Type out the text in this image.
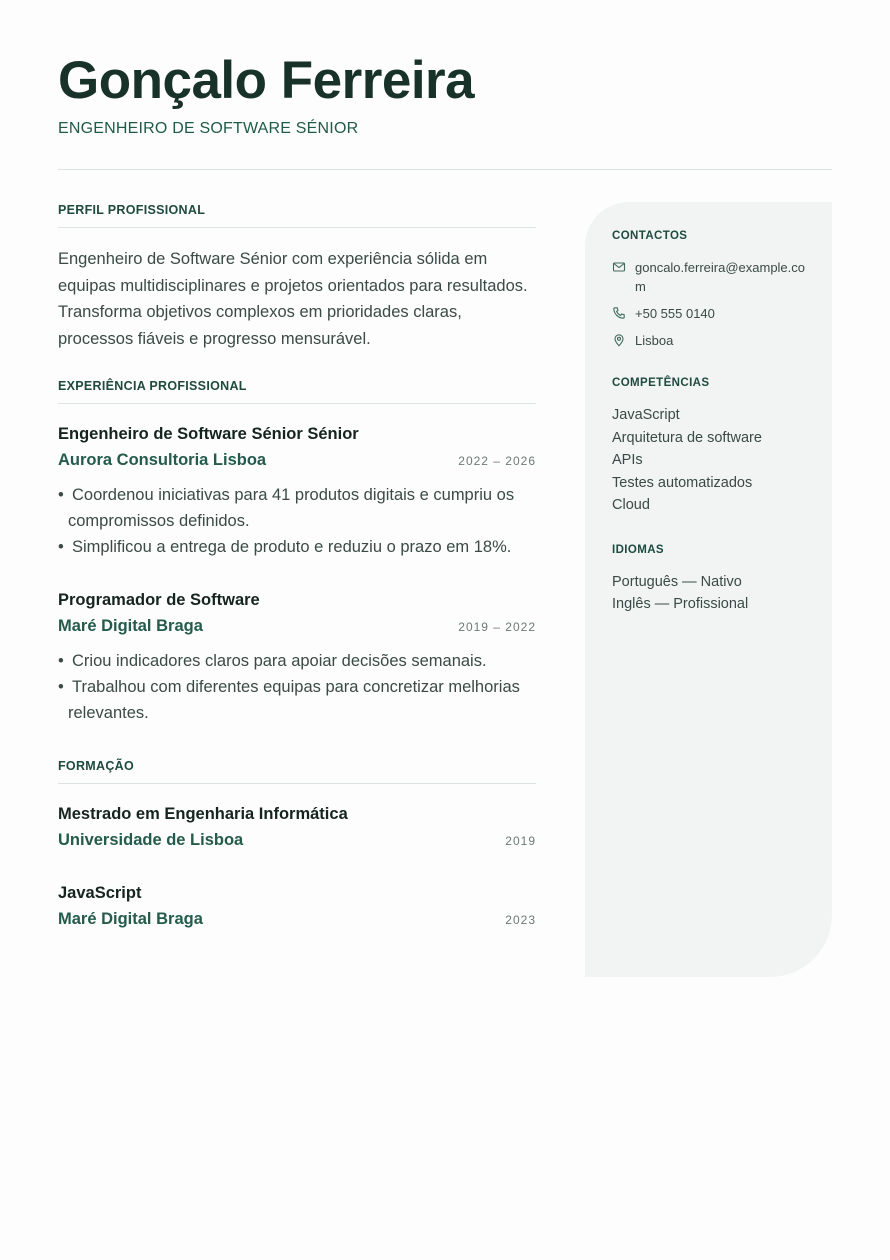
Gonçalo Ferreira
ENGENHEIRO DE SOFTWARE SÉNIOR
PERFIL PROFISSIONAL

Engenheiro de Software Sénior com experiência sólida em equipas multidisciplinares e projetos orientados para resultados. Transforma objetivos complexos em prioridades claras, processos fiáveis e progresso mensurável.

EXPERIÊNCIA PROFISSIONAL
Engenheiro de Software Sénior Sénior
Aurora Consultoria Lisboa	2022 – 2026
• Coordenou iniciativas para 41 produtos digitais e cumpriu os compromissos definidos.
• Simplificou a entrega de produto e reduziu o prazo em 18%.
Programador de Software
Maré Digital Braga	2019 – 2022
• Criou indicadores claros para apoiar decisões semanais.
• Trabalhou com diferentes equipas para concretizar melhorias relevantes.
FORMAÇÃO
Mestrado em Engenharia Informática
Universidade de Lisboa	2019
JavaScript
Maré Digital Braga	2023
CONTACTOS
goncalo.ferreira@example.com
+50 555 0140
Lisboa
COMPETÊNCIAS
JavaScript
Arquitetura de software
APIs
Testes automatizados
Cloud
IDIOMAS
Português — Nativo
Inglês — Profissional
